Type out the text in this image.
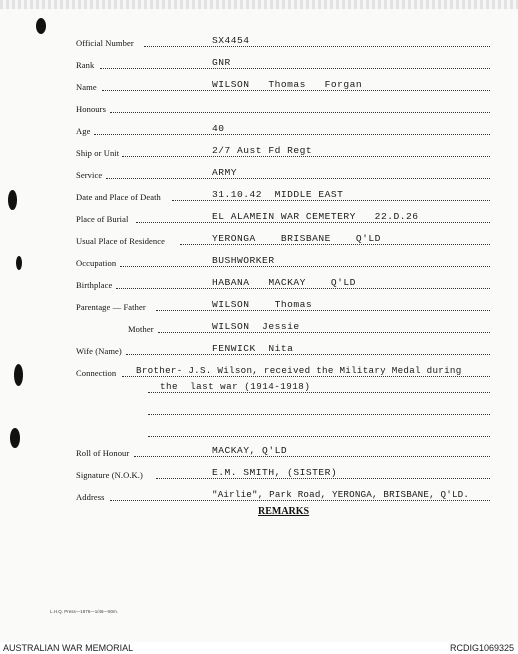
Official Number	SX4454
Rank	GNR
Name	WILSON   Thomas   Forgan
Honours
Age	40
Ship or Unit	2/7 Aust Fd Regt
Service	ARMY
Date and Place of Death	31.10.42  MIDDLE EAST
Place of Burial	EL ALAMEIN WAR CEMETERY   22.D.26
Usual Place of Residence	YERONGA    BRISBANE    Q'LD
Occupation	BUSHWORKER
Birthplace	HABANA   MACKAY    Q'LD
Parentage — Father	WILSON    Thomas
Mother	WILSON  Jessie
Wife (Name)	FENWICK  Nita
Connection Brother- J.S. Wilson, received the Military Medal during
the  last war (1914-1918)
Roll of Honour	MACKAY, Q'LD
Signature (N.O.K.)	E.M. SMITH, (SISTER)
Address	"Airlie", Park Road, YERONGA, BRISBANE, Q'LD.
REMARKS
L.H.Q. Press—1976—1/46—50m.
AUSTRALIAN WAR MEMORIAL	RCDIG1069325
